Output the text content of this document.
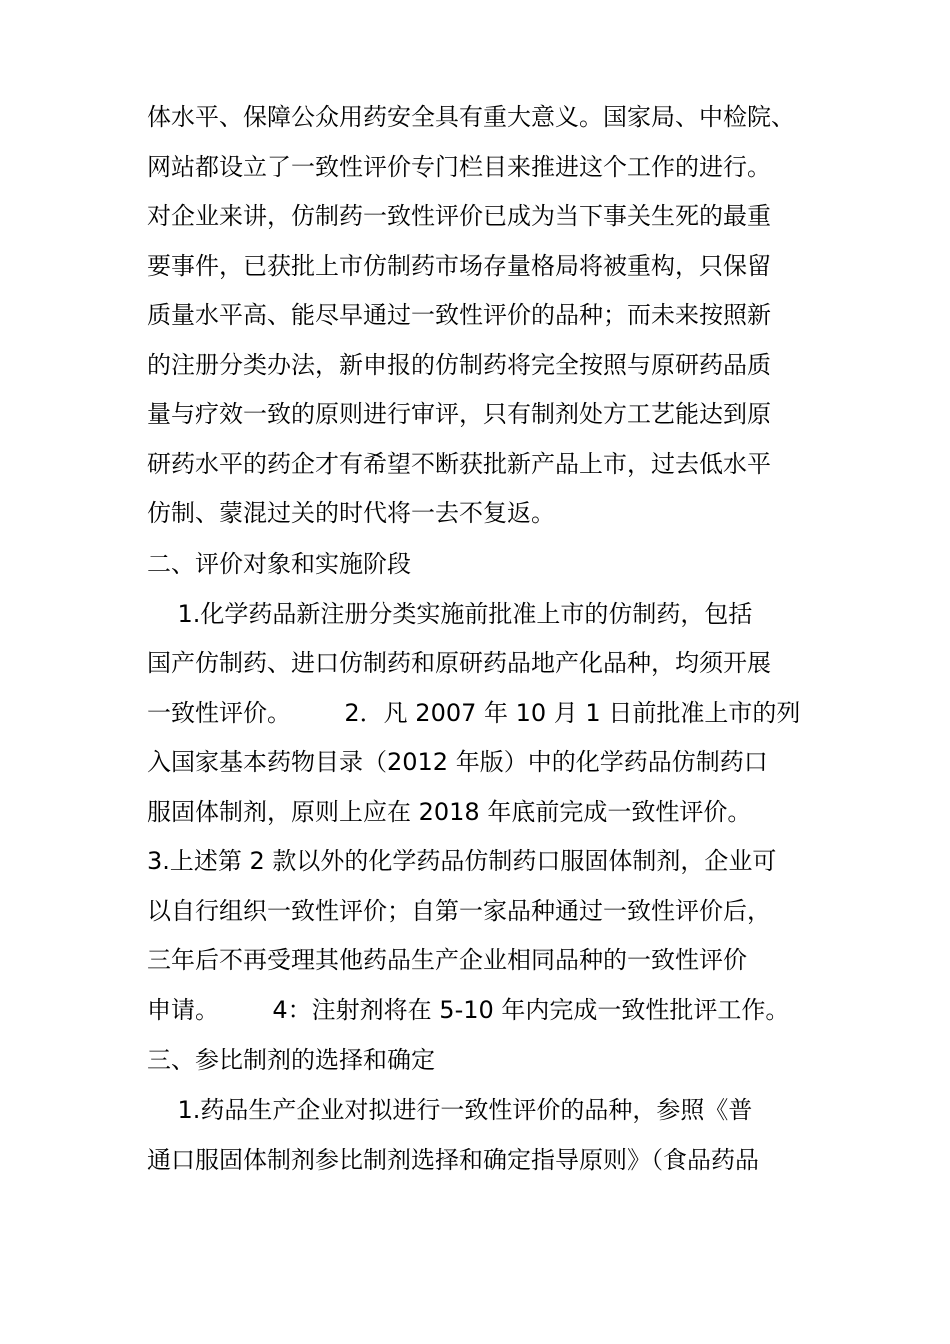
体水平、保障公众用药安全具有重大意义。国家局、中检院、
网站都设立了一致性评价专门栏目来推进这个工作的进行。
对企业来讲，仿制药一致性评价已成为当下事关生死的最重
要事件，已获批上市仿制药市场存量格局将被重构，只保留
质量水平高、能尽早通过一致性评价的品种；而未来按照新
的注册分类办法，新申报的仿制药将完全按照与原研药品质
量与疗效一致的原则进行审评，只有制剂处方工艺能达到原
研药水平的药企才有希望不断获批新产品上市，过去低水平
仿制、蒙混过关的时代将一去不复返。
二、评价对象和实施阶段
1.化学药品新注册分类实施前批准上市的仿制药，包括
国产仿制药、进口仿制药和原研药品地产化品种，均须开展
一致性评价。       2．凡 2007 年 10 月 1 日前批准上市的列
入国家基本药物目录（2012 年版）中的化学药品仿制药口
服固体制剂，原则上应在 2018 年底前完成一致性评价。
3.上述第 2 款以外的化学药品仿制药口服固体制剂，企业可
以自行组织一致性评价；自第一家品种通过一致性评价后，
三年后不再受理其他药品生产企业相同品种的一致性评价
申请。       4：注射剂将在 5-10 年内完成一致性批评工作。
三、参比制剂的选择和确定
1.药品生产企业对拟进行一致性评价的品种，参照《普
通口服固体制剂参比制剂选择和确定指导原则》（食品药品
